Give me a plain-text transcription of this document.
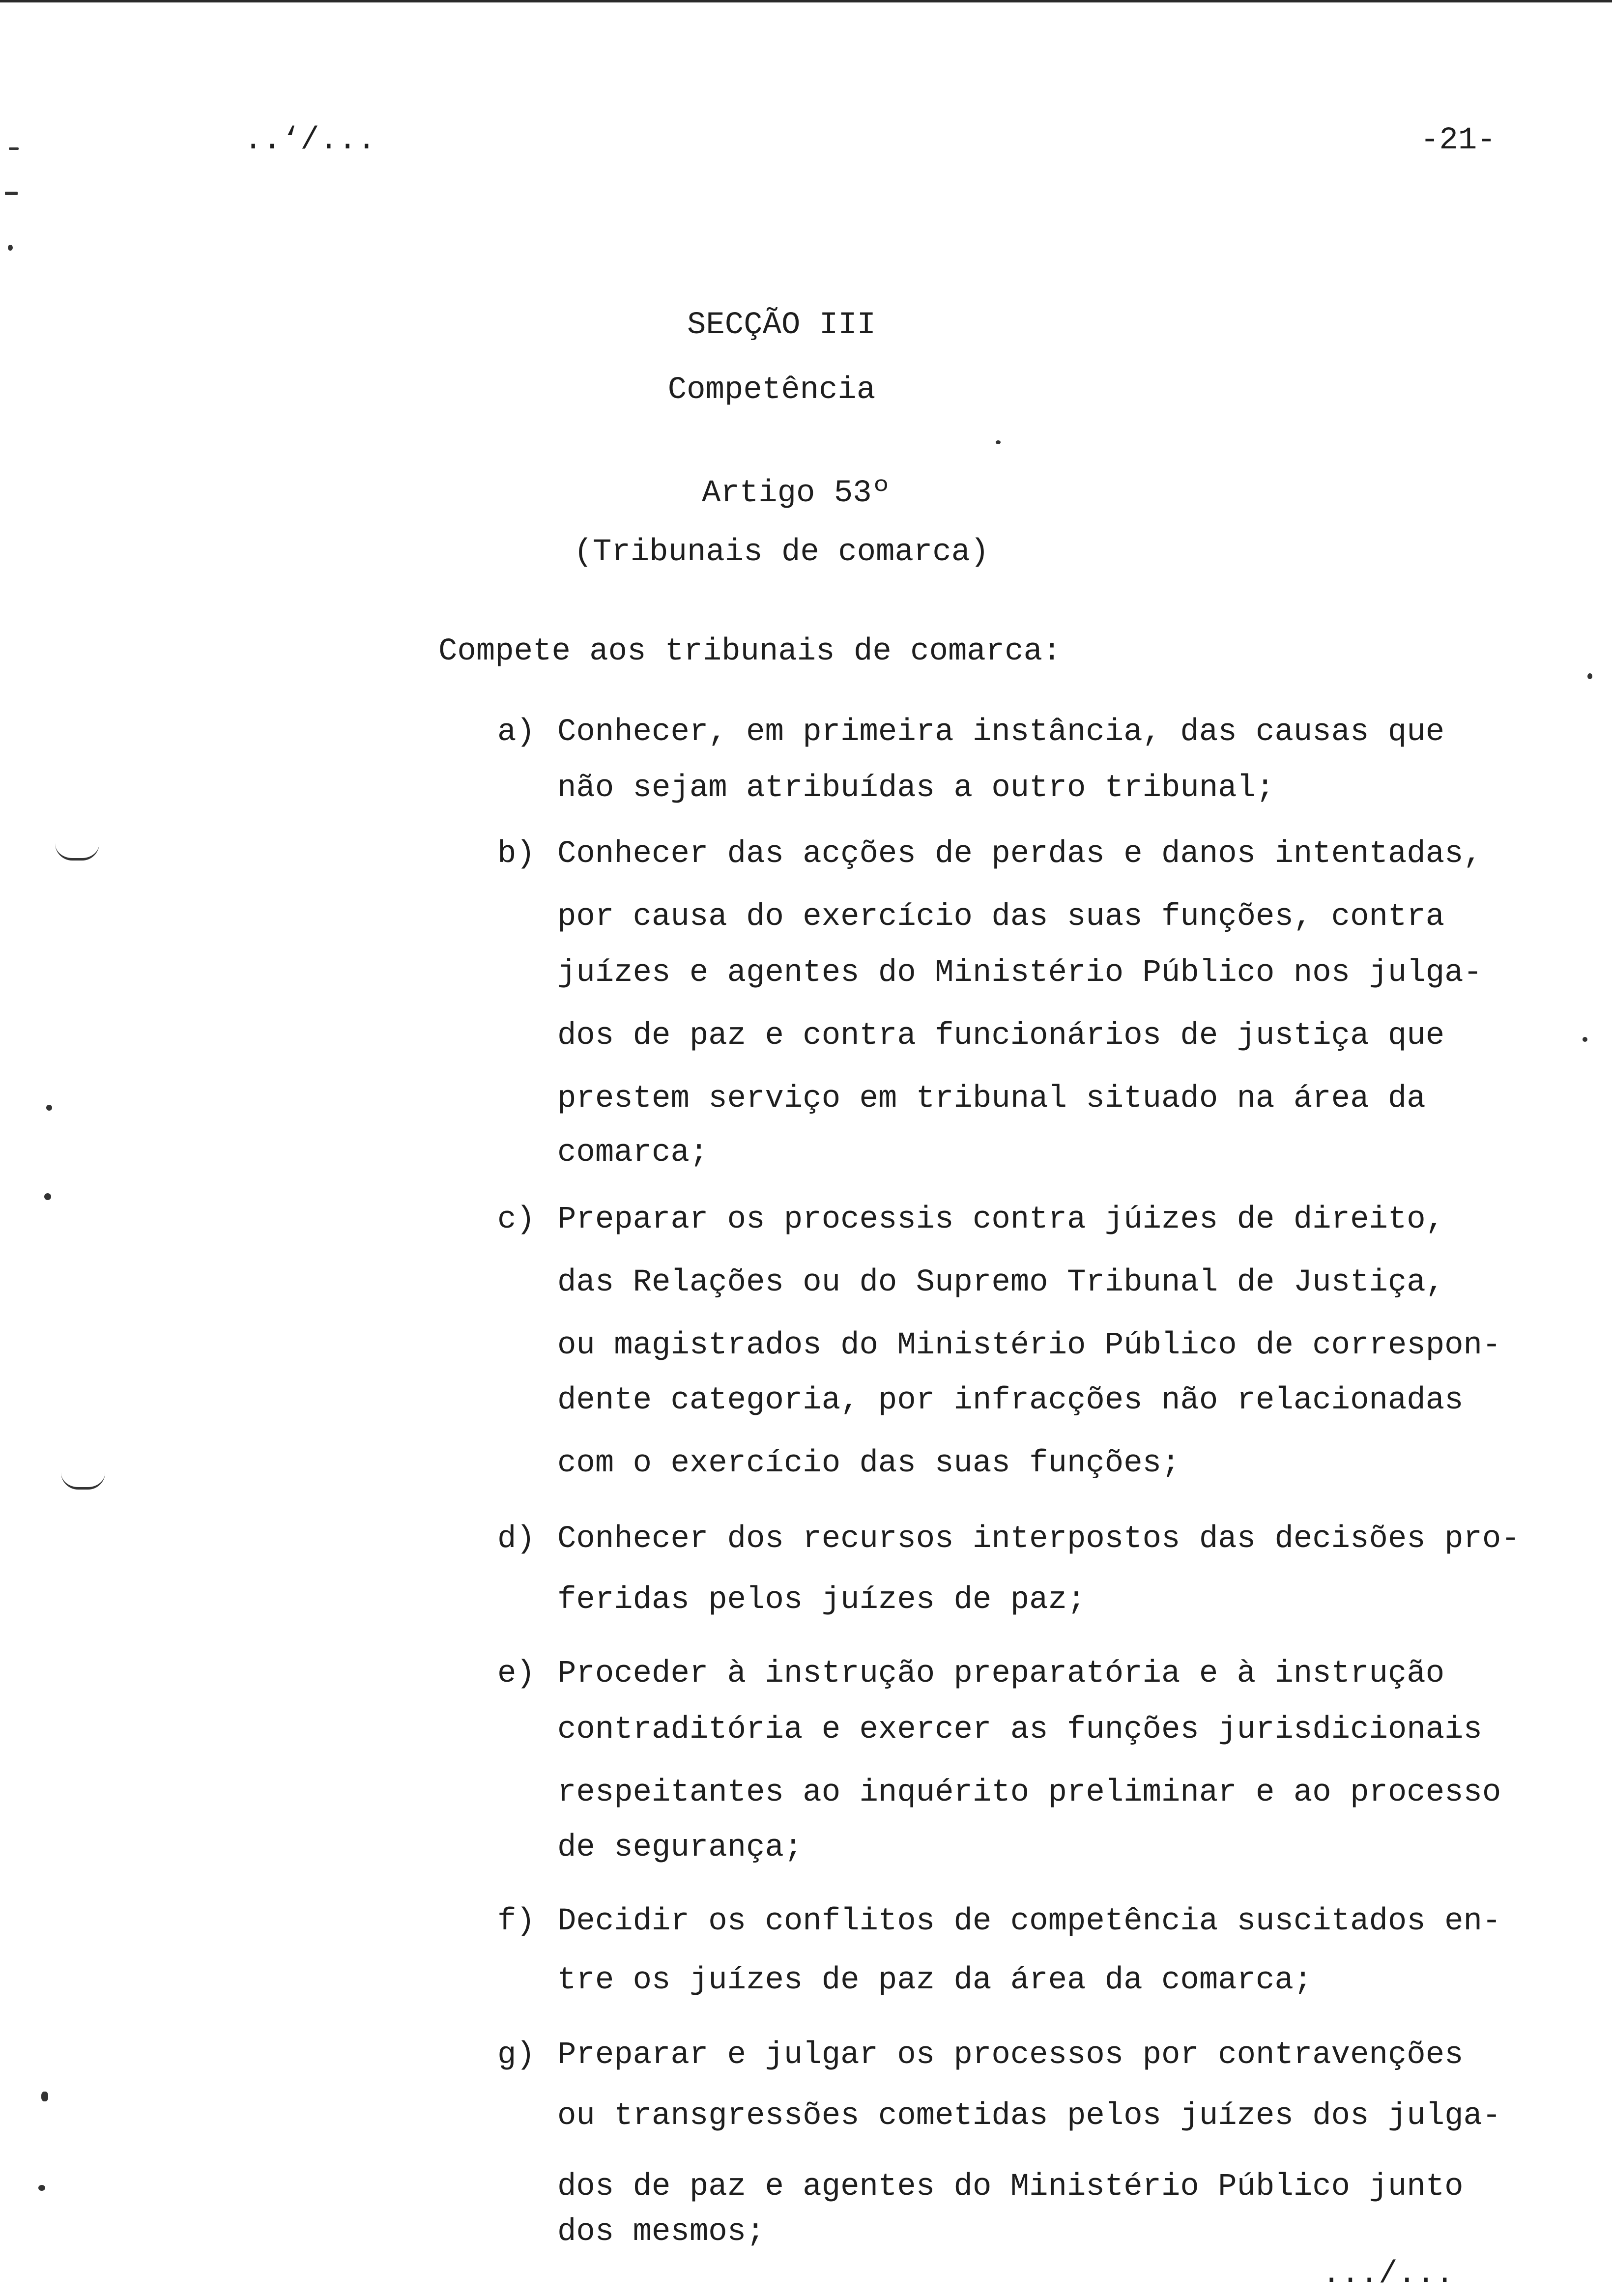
..‘/...	-21-
SECÇÃO III
Competência
Artigo 53º
(Tribunais de comarca)
Compete aos tribunais de comarca:
a) Conhecer, em primeira instância, das causas que
não sejam atribuídas a outro tribunal;
b) Conhecer das acções de perdas e danos intentadas,
por causa do exercício das suas funções, contra
juízes e agentes do Ministério Público nos julga-
dos de paz e contra funcionários de justiça que
prestem serviço em tribunal situado na área da
comarca;
c) Preparar os processis contra júizes de direito,
das Relações ou do Supremo Tribunal de Justiça,
ou magistrados do Ministério Público de correspon-
dente categoria, por infracções não relacionadas
com o exercício das suas funções;
d) Conhecer dos recursos interpostos das decisões pro-
feridas pelos juízes de paz;
e) Proceder à instrução preparatória e à instrução
contraditória e exercer as funções jurisdicionais
respeitantes ao inquérito preliminar e ao processo
de segurança;
f) Decidir os conflitos de competência suscitados en-
tre os juízes de paz da área da comarca;
g) Preparar e julgar os processos por contravenções
ou transgressões cometidas pelos juízes dos julga-
dos de paz e agentes do Ministério Público junto
dos mesmos;
.../...
